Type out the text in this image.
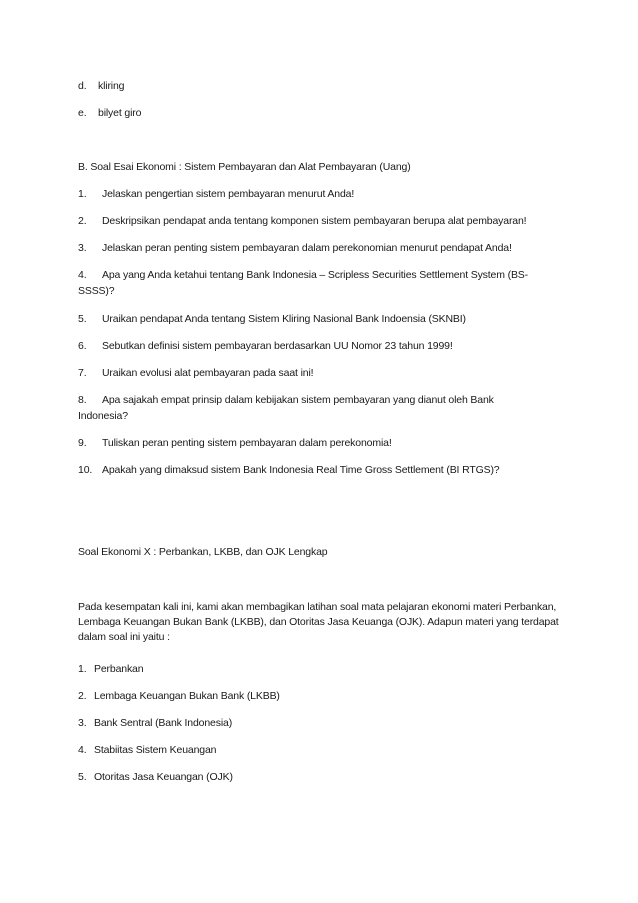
d. kliring
e. bilyet giro
B. Soal Esai Ekonomi : Sistem Pembayaran dan Alat Pembayaran (Uang)
1. Jelaskan pengertian sistem pembayaran menurut Anda!
2. Deskripsikan pendapat anda tentang komponen sistem pembayaran berupa alat pembayaran!
3. Jelaskan peran penting sistem pembayaran dalam perekonomian menurut pendapat Anda!
4. Apa yang Anda ketahui tentang Bank Indonesia – Scripless Securities Settlement System (BS-
SSSS)?
5. Uraikan pendapat Anda tentang Sistem Kliring Nasional Bank Indoensia (SKNBI)
6. Sebutkan definisi sistem pembayaran berdasarkan UU Nomor 23 tahun 1999!
7. Uraikan evolusi alat pembayaran pada saat ini!
8. Apa sajakah empat prinsip dalam kebijakan sistem pembayaran yang dianut oleh Bank
Indonesia?
9. Tuliskan peran penting sistem pembayaran dalam perekonomia!
10. Apakah yang dimaksud sistem Bank Indonesia Real Time Gross Settlement (BI RTGS)?
Soal Ekonomi X : Perbankan, LKBB, dan OJK Lengkap
Pada kesempatan kali ini, kami akan membagikan latihan soal mata pelajaran ekonomi materi Perbankan, Lembaga Keuangan Bukan Bank (LKBB), dan Otoritas Jasa Keuanga (OJK). Adapun materi yang terdapat dalam soal ini yaitu :
1. Perbankan
2. Lembaga Keuangan Bukan Bank (LKBB)
3. Bank Sentral (Bank Indonesia)
4. Stabiitas Sistem Keuangan
5. Otoritas Jasa Keuangan (OJK)
